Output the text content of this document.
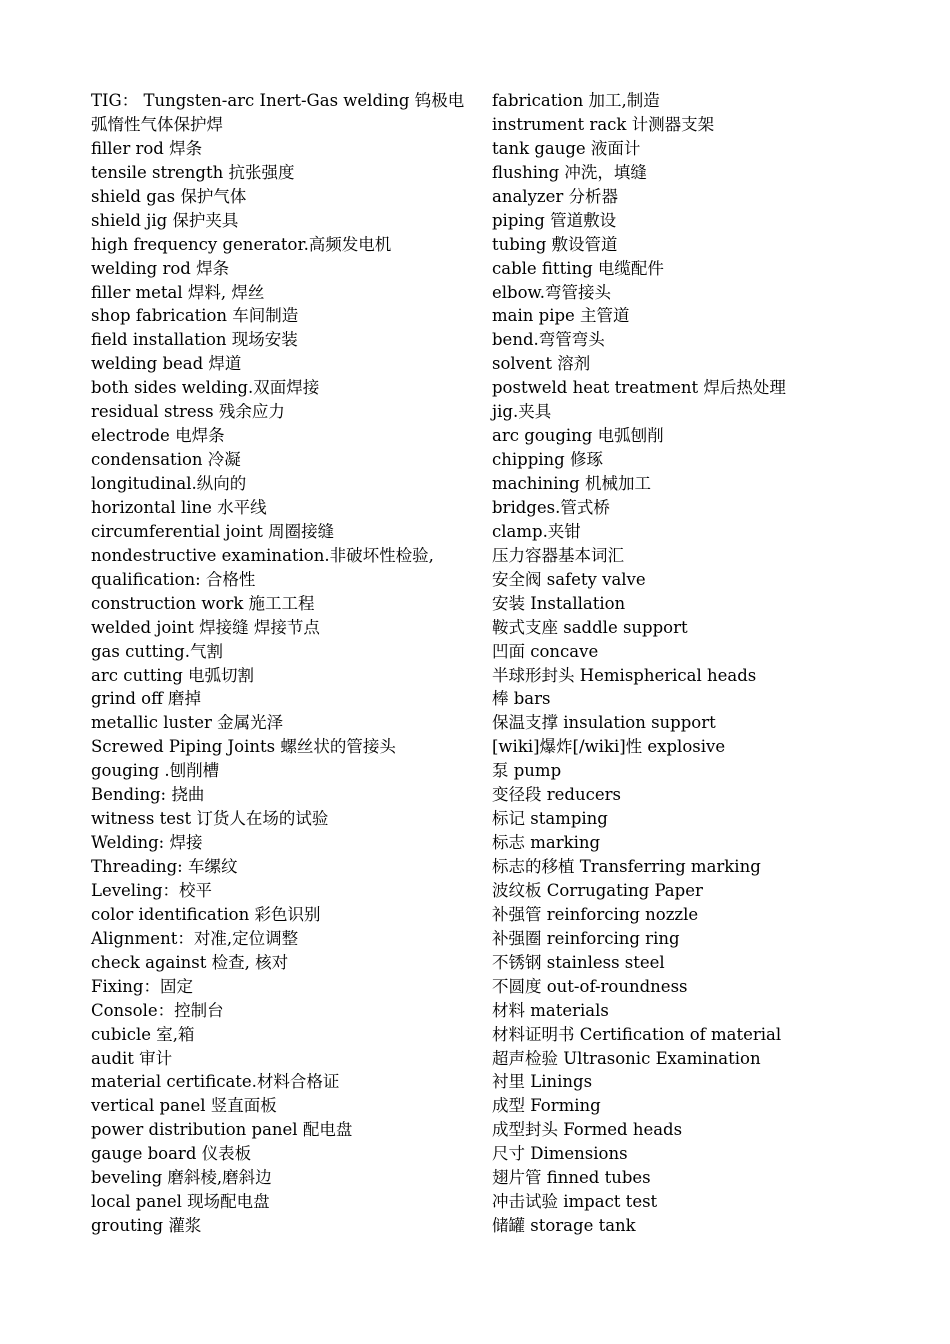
TIG： Tungsten-arc Inert-Gas welding 钨极电
弧惰性气体保护焊
filler rod 焊条
tensile strength 抗张强度
shield gas 保护气体
shield jig 保护夹具
high frequency generator.高频发电机
welding rod 焊条
filler metal 焊料, 焊丝
shop fabrication 车间制造
field installation 现场安装
welding bead 焊道
both sides welding.双面焊接
residual stress 残余应力
electrode 电焊条
condensation 冷凝
longitudinal.纵向的
horizontal line 水平线
circumferential joint 周圈接缝
nondestructive examination.非破坏性检验,
qualification: 合格性
construction work 施工工程
welded joint 焊接缝 焊接节点
gas cutting.气割
arc cutting 电弧切割
grind off 磨掉
metallic luster 金属光泽
Screwed Piping Joints 螺丝状的管接头
gouging .刨削槽
Bending: 挠曲
witness test 订货人在场的试验
Welding: 焊接
Threading: 车缧纹
Leveling：校平
color identification 彩色识别
Alignment：对准,定位调整
check against 检查, 核对
Fixing：固定
Console：控制台
cubicle 室,箱
audit 审计
material certificate.材料合格证
vertical panel 竖直面板
power distribution panel 配电盘
gauge board 仪表板
beveling 磨斜棱,磨斜边
local panel 现场配电盘
grouting 灌浆
fabrication 加工,制造
instrument rack 计测器支架
tank gauge 液面计
flushing 冲洗，填缝
analyzer 分析器
piping 管道敷设
tubing 敷设管道
cable fitting 电缆配件
elbow.弯管接头
main pipe 主管道
bend.弯管弯头
solvent 溶剂
postweld heat treatment 焊后热处理
jig.夹具
arc gouging 电弧刨削
chipping 修琢
machining 机械加工
bridges.管式桥
clamp.夹钳
压力容器基本词汇
安全阀 safety valve
安装 Installation
鞍式支座 saddle support
凹面 concave
半球形封头 Hemispherical heads
棒 bars
保温支撑 insulation support
[wiki]爆炸[/wiki]性 explosive
泵 pump
变径段 reducers
标记 stamping
标志 marking
标志的移植 Transferring marking
波纹板 Corrugating Paper
补强管 reinforcing nozzle
补强圈 reinforcing ring
不锈钢 stainless steel
不圆度 out-of-roundness
材料 materials
材料证明书 Certification of material
超声检验 Ultrasonic Examination
衬里 Linings
成型 Forming
成型封头 Formed heads
尺寸 Dimensions
翅片管 finned tubes
冲击试验 impact test
储罐 storage tank
